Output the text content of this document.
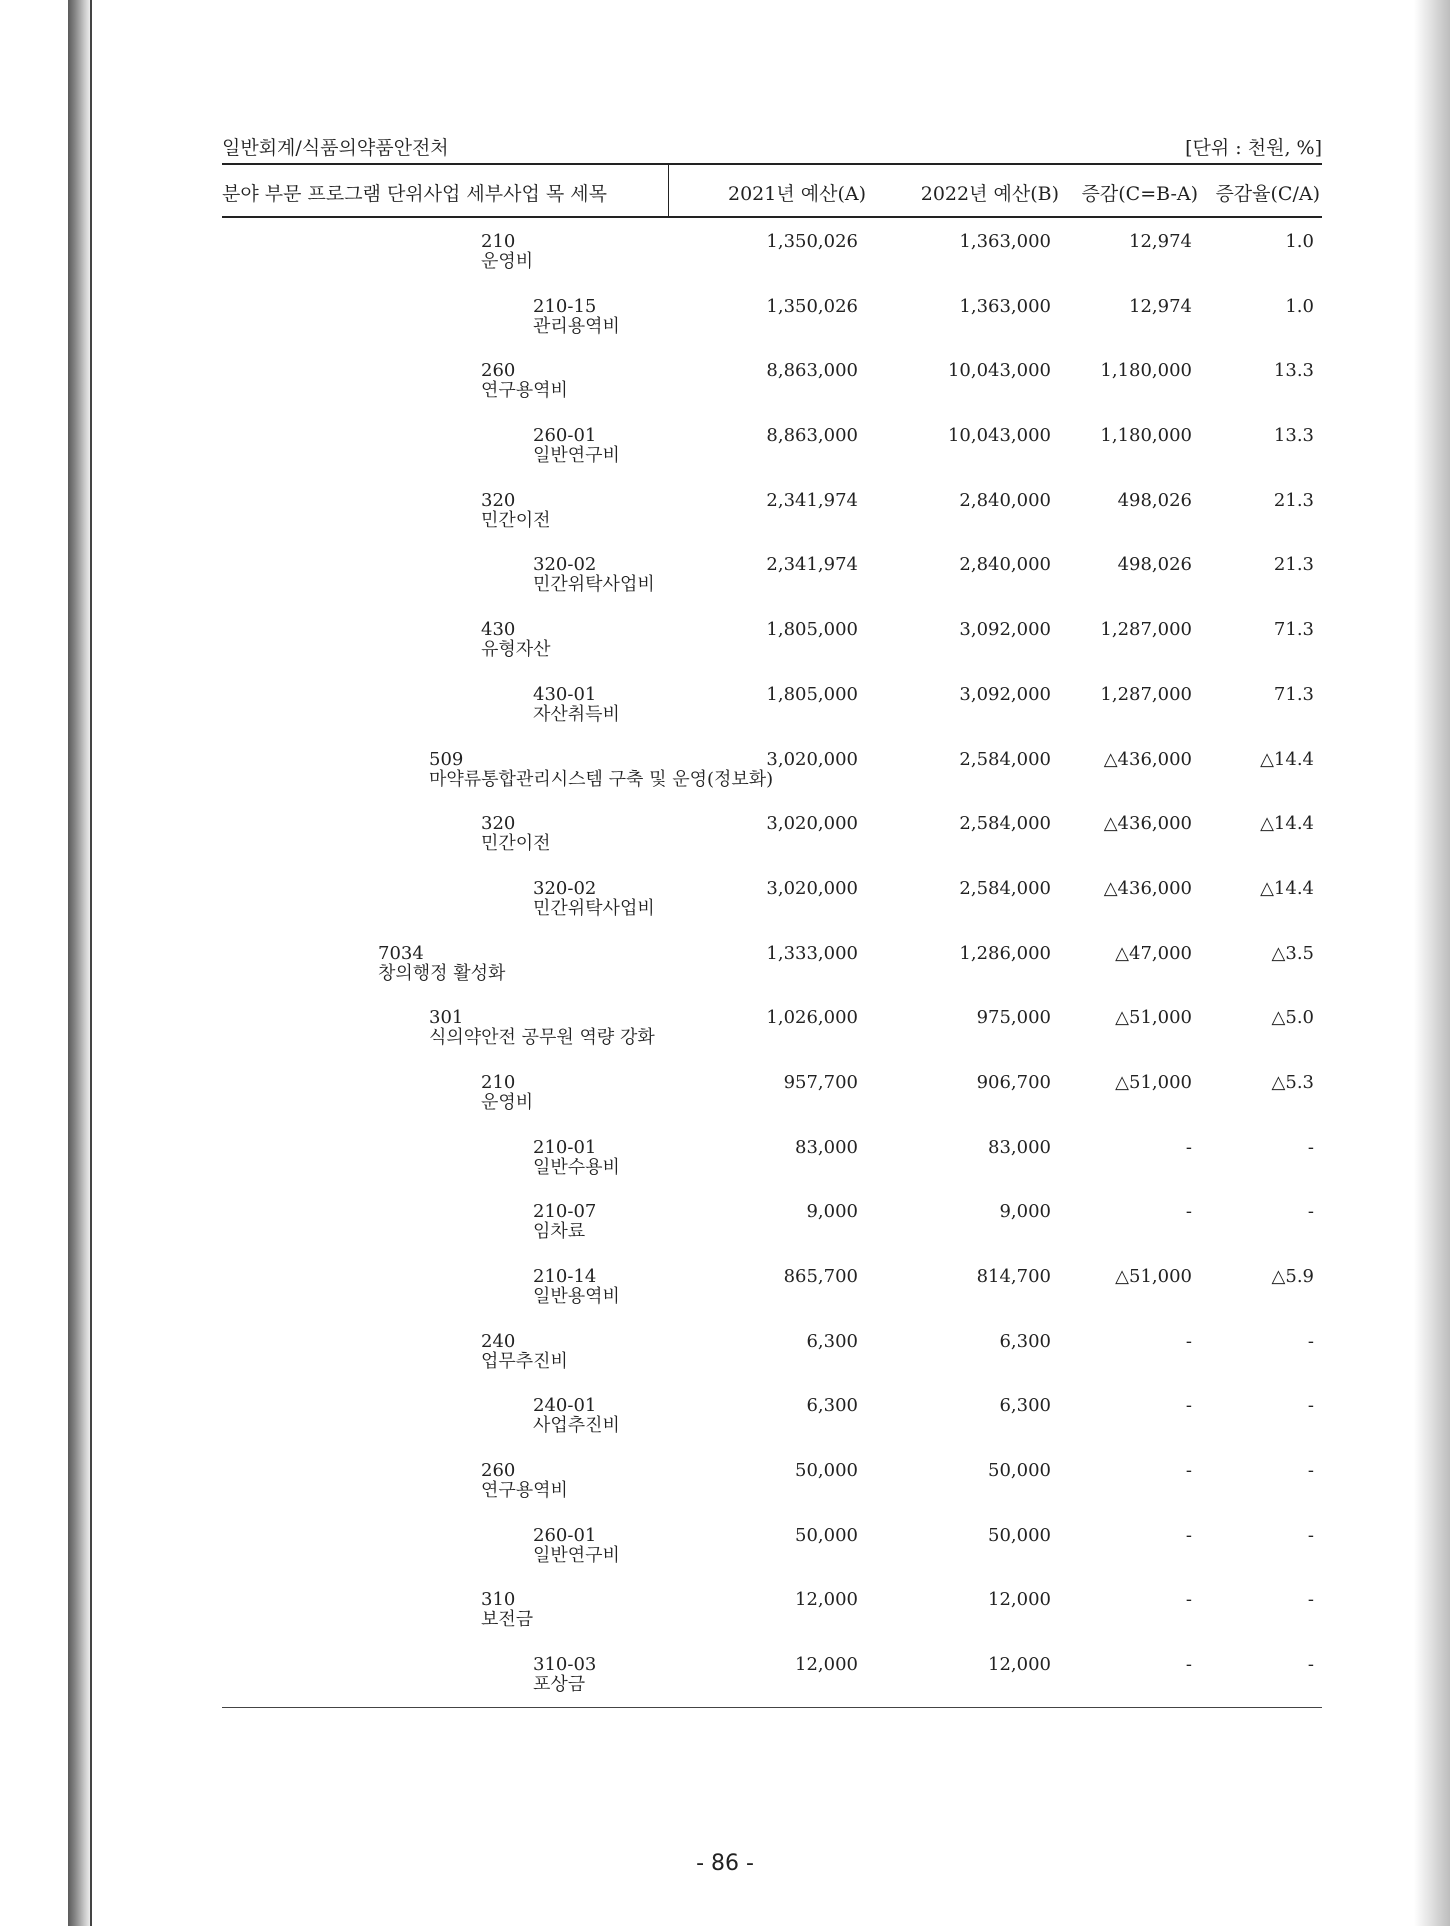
일반회계/식품의약품안전처	[단위 : 천원, %]
분야 부문 프로그램 단위사업 세부사업 목 세목	2021년 예산(A)	2022년 예산(B) 증감(C=B-A) 증감율(C/A)
210
운영비
1,350,026	1,363,000	12,974	1.0
210-15
관리용역비
1,350,026	1,363,000	12,974	1.0
260
연구용역비
8,863,000	10,043,000	1,180,000	13.3
260-01
일반연구비
8,863,000	10,043,000	1,180,000	13.3
320
민간이전
2,341,974	2,840,000	498,026	21.3
320-02
민간위탁사업비
2,341,974	2,840,000	498,026	21.3
430
유형자산
1,805,000	3,092,000	1,287,000	71.3
430-01
자산취득비
1,805,000	3,092,000	1,287,000	71.3
509
마약류통합관리시스템 구축 및 운영(정보화)
3,020,000	2,584,000	△436,000	△14.4
320
민간이전
3,020,000	2,584,000	△436,000	△14.4
320-02
민간위탁사업비
3,020,000	2,584,000	△436,000	△14.4
7034
창의행정 활성화
1,333,000	1,286,000	△47,000	△3.5
301
식의약안전 공무원 역량 강화
1,026,000	975,000	△51,000	△5.0
210
운영비
957,700	906,700	△51,000	△5.3
210-01
일반수용비
83,000	83,000	-	-
210-07
임차료
9,000	9,000	-	-
210-14
일반용역비
865,700	814,700	△51,000	△5.9
240
업무추진비
6,300	6,300	-	-
240-01
사업추진비
6,300	6,300	-	-
260
연구용역비
50,000	50,000	-	-
260-01
일반연구비
50,000	50,000	-	-
310
보전금
12,000	12,000	-	-
310-03
포상금
12,000	12,000	-	-
- 86 -
